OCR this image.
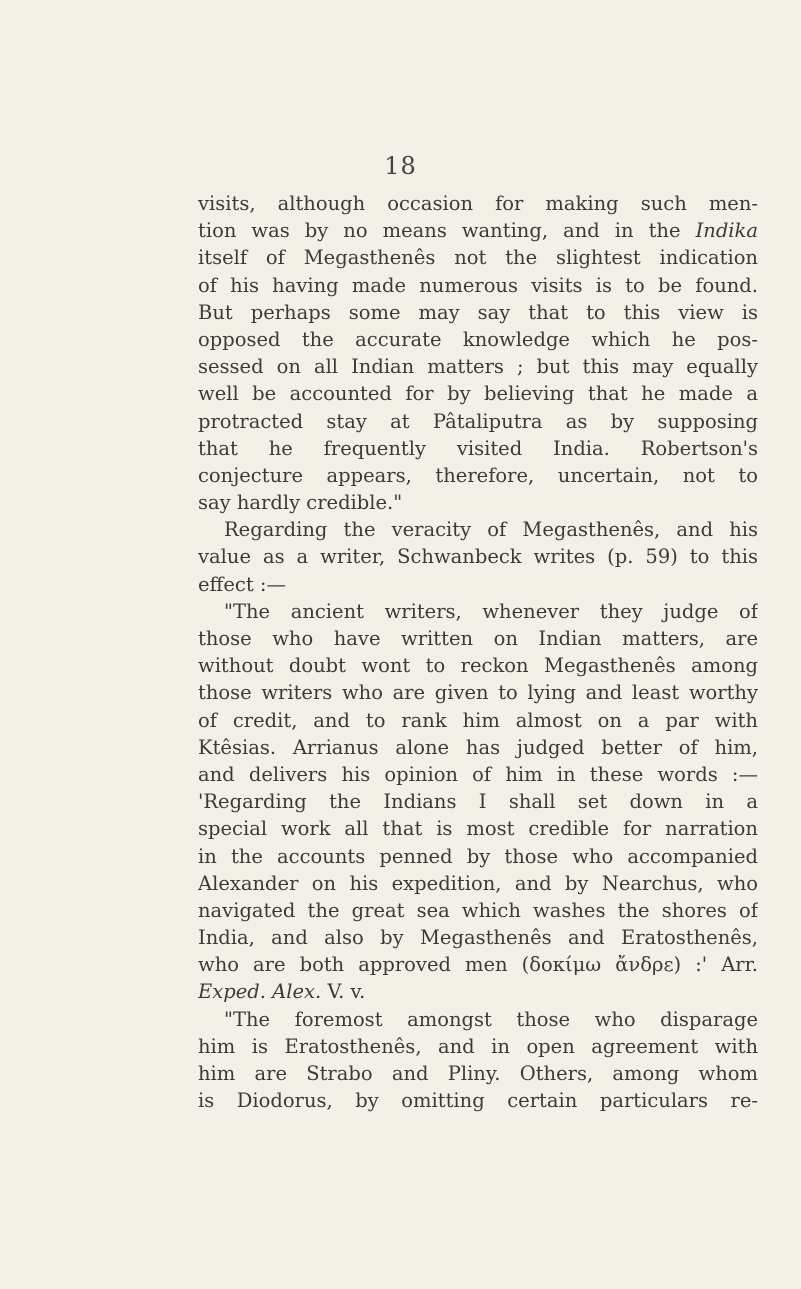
18
visits, although occasion for making such men-
tion was by no means wanting, and in the Indika
itself of Megasthenês not the slightest indication
of his having made numerous visits is to be found.
But perhaps some may say that to this view is
opposed the accurate knowledge which he pos-
sessed on all Indian matters ; but this may equally
well be accounted for by believing that he made a
protracted stay at Pâtaliputra as by supposing
that he frequently visited India. Robertson's
conjecture appears, therefore, uncertain, not to
say hardly credible."
Regarding the veracity of Megasthenês, and his
value as a writer, Schwanbeck writes (p. 59) to this
effect :—
"The ancient writers, whenever they judge of
those who have written on Indian matters, are
without doubt wont to reckon Megasthenês among
those writers who are given to lying and least worthy
of credit, and to rank him almost on a par with
Ktêsias. Arrianus alone has judged better of him,
and delivers his opinion of him in these words :—
'Regarding the Indians I shall set down in a
special work all that is most credible for narration
in the accounts penned by those who accompanied
Alexander on his expedition, and by Nearchus, who
navigated the great sea which washes the shores of
India, and also by Megasthenês and Eratosthenês,
who are both approved men (δοκίμω ἄνδρε) :' Arr.
Exped. Alex. V. v.
"The foremost amongst those who disparage
him is Eratosthenês, and in open agreement with
him are Strabo and Pliny. Others, among whom
is Diodorus, by omitting certain particulars re-
